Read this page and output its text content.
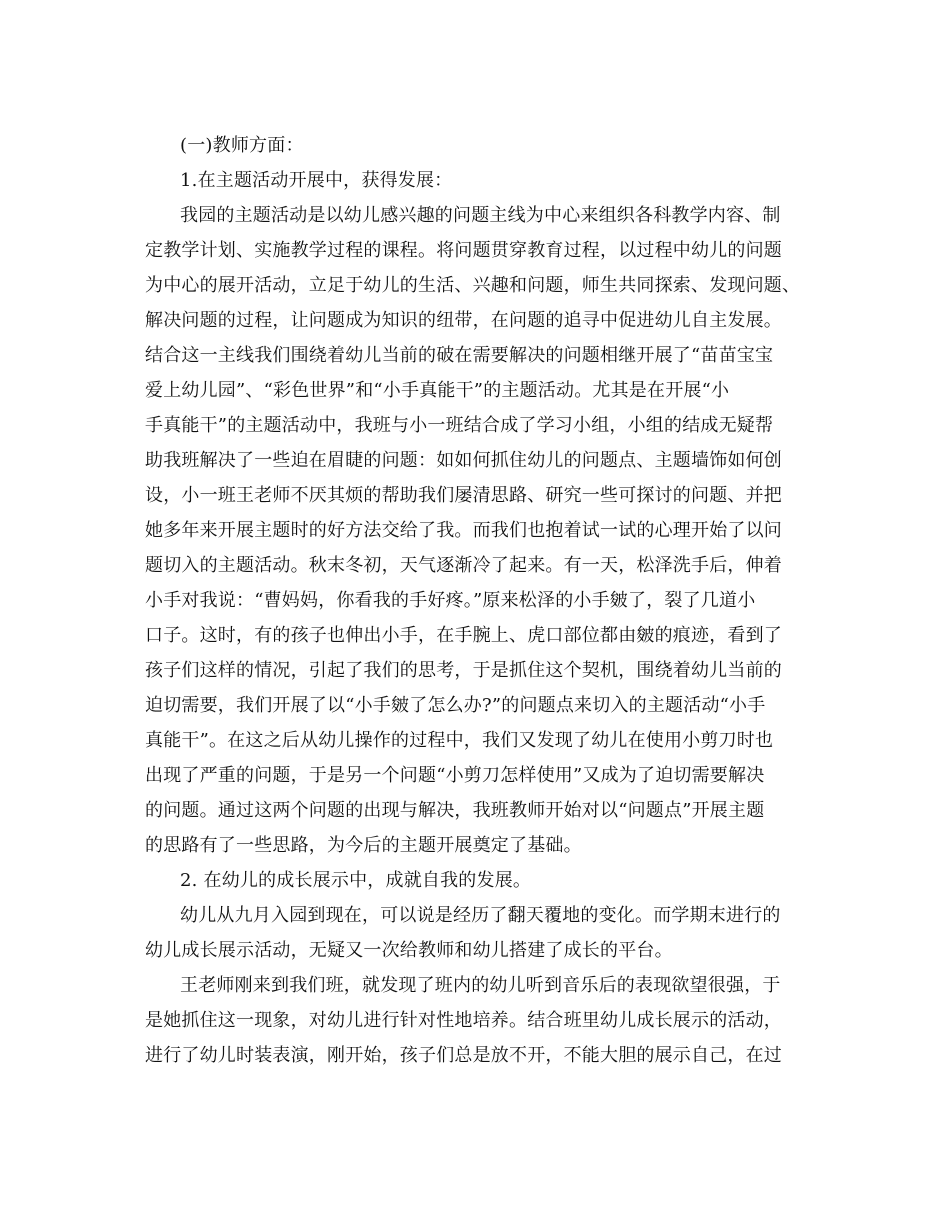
(一)教师方面：
1.在主题活动开展中，获得发展：
我园的主题活动是以幼儿感兴趣的问题主线为中心来组织各科教学内容、制
定教学计划、实施教学过程的课程。将问题贯穿教育过程，以过程中幼儿的问题
为中心的展开活动，立足于幼儿的生活、兴趣和问题，师生共同探索、发现问题、
解决问题的过程，让问题成为知识的纽带，在问题的追寻中促进幼儿自主发展。
结合这一主线我们围绕着幼儿当前的破在需要解决的问题相继开展了“苗苗宝宝
爱上幼儿园”、“彩色世界”和“小手真能干”的主题活动。尤其是在开展“小
手真能干”的主题活动中，我班与小一班结合成了学习小组，小组的结成无疑帮
助我班解决了一些迫在眉睫的问题：如如何抓住幼儿的问题点、主题墙饰如何创
设，小一班王老师不厌其烦的帮助我们屡清思路、研究一些可探讨的问题、并把
她多年来开展主题时的好方法交给了我。而我们也抱着试一试的心理开始了以问
题切入的主题活动。秋末冬初，天气逐渐冷了起来。有一天，松泽洗手后，伸着
小手对我说：“曹妈妈，你看我的手好疼。”原来松泽的小手皴了，裂了几道小
口子。这时，有的孩子也伸出小手，在手腕上、虎口部位都由皴的痕迹，看到了
孩子们这样的情况，引起了我们的思考，于是抓住这个契机，围绕着幼儿当前的
迫切需要，我们开展了以“小手皴了怎么办?”的问题点来切入的主题活动“小手
真能干”。在这之后从幼儿操作的过程中，我们又发现了幼儿在使用小剪刀时也
出现了严重的问题，于是另一个问题“小剪刀怎样使用”又成为了迫切需要解决
的问题。通过这两个问题的出现与解决，我班教师开始对以“问题点”开展主题
的思路有了一些思路，为今后的主题开展奠定了基础。
2. 在幼儿的成长展示中，成就自我的发展。
幼儿从九月入园到现在，可以说是经历了翻天覆地的变化。而学期末进行的
幼儿成长展示活动，无疑又一次给教师和幼儿搭建了成长的平台。
王老师刚来到我们班，就发现了班内的幼儿听到音乐后的表现欲望很强，于
是她抓住这一现象，对幼儿进行针对性地培养。结合班里幼儿成长展示的活动，
进行了幼儿时装表演，刚开始，孩子们总是放不开，不能大胆的展示自己，在过
